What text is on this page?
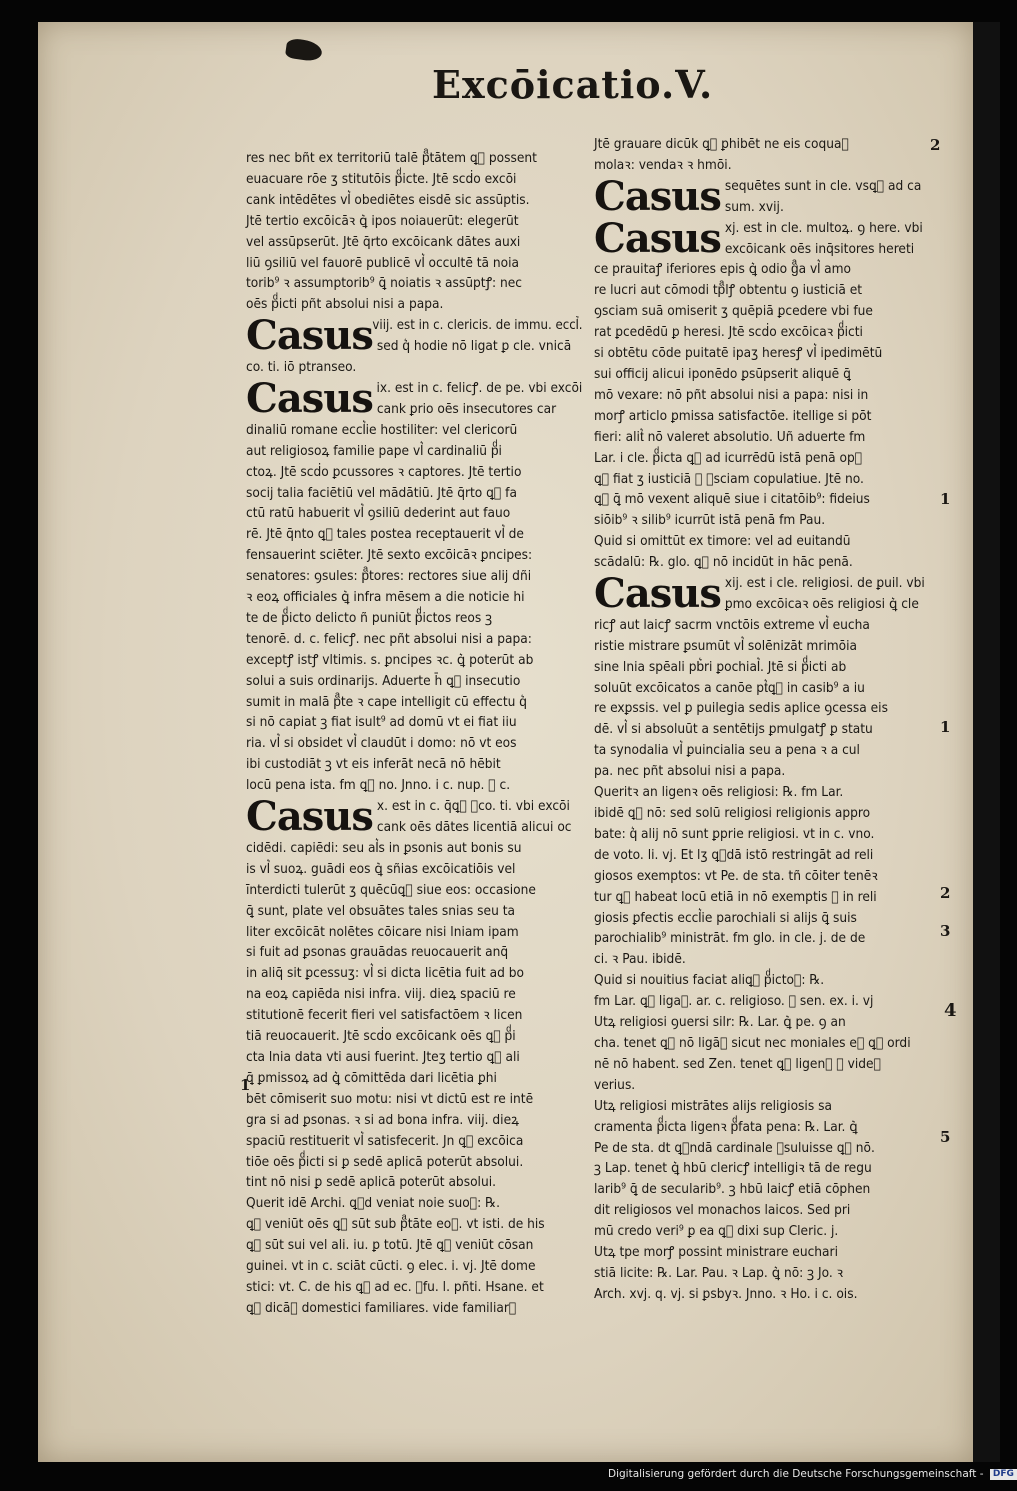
Excōicatio.V.
res nec bñt ex territoriū talē pͣtātem ꝗ͛ possent
euacuare rōe ʒ stitutōis pͩicte. Jtē scḋo excōi
cank intēdētes vl͛ obediētes eisdē sic assūptis.
Jtē tertio excōicāꝛ ꝗ͛ ipos noiauerūt: elegerūt
vel assūpserūt. Jtē q̄rto excōicank dātes auxi
liū ꝯsiliū vel fauorē publicē vl͛ occultē tā noia
torib⁹ ꝛ assumptorib⁹ ꝗ̄ noiatis ꝛ assūptꝭ: nec
oēs pͩicti pñt absolui nisi a papa.
Casus viij. est in c. clericis. de immu. eccl͛.
sed q͛ hodie nō ligat ꝑ cle. vnicā
co. ti. iō ptranseo.
Casus ix. est in c. felicꝭ. de pe. vbi excōi
cank ꝑrio oēs insecutores car
dinaliū romane eccl͛ie hostiliter: vel clericorū
aut religiosoꝝ familie pape vl͛ cardinaliū pͩi
ctoꝝ. Jtē scḋo ꝑcussores ꝛ captores. Jtē tertio
socij talia faciētiū vel mādātiū. Jtē q̄rto ꝗ͛ fa
ctū ratū habuerit vl͛ ꝯsiliū dederint aut fauo
rē. Jtē q̄nto ꝗ͛ tales postea receptauerit vl͛ de
fensauerint sciēter. Jtē sexto excōicāꝛ ꝑncipes:
senatores: ꝯsules: pͣtores: rectores siue alij dñi
ꝛ eoꝝ officiales ꝗ͛ infra mēsem a die noticie hi
te de pͩicto delicto ñ puniūt pͩictos reos ꝫ
tenorē. d. c. felicꝭ. nec pñt absolui nisi a papa:
exceptꝭ istꝭ vltimis. s. ꝑncipes ꝛc. ꝗ͛ poterūt ab
solui a suis ordinarijs. Aduerte h̄ ꝗ͛ insecutio
sumit in malā pͣte ꝛ cape intelligit cū effectu q͛
si nō capiat ꝫ fiat isult⁹ ad domū vt ei fiat iiu
ria. vl͛ si obsidet vl͛ claudūt i domo: nō vt eos
ibi custodiāt ꝫ vt eis inferāt necā nō hēbit
locū pena ista. fm ꝗ͛ no. Jnno. i c. nup. ꝛ c.
Casus x. est in c. q̄ꝗ͛ ꝯco. ti. vbi excōi
cank oēs dātes licentiā alicui oc
cidēdi. capiēdi: seu al͛s in ꝑsonis aut bonis su
is vl͛ suoꝝ. guādi eos ꝗ͛ sñias excōicatiōis vel
īnterdicti tulerūt ʒ quēcūꝗ͛ siue eos: occasione
ꝗ̄ sunt, plate vel obsuātes tales snias seu ta
liter excōicāt nolētes cōicare nisi lniam ipam
si fuit ad ꝑsonas grauādas reuocauerit anq̄
in aliq̄ sit ꝑcessuʒ: vl͛ si dicta licētia fuit ad bo
na eoꝝ capiēda nisi infra. viij. dieꝝ spaciū re
stitutionē fecerit fieri vel satisfactōem ꝛ licen
tiā reuocauerit. Jtē scḋo excōicank oēs ꝗ͛ pͩi
cta lnia data vti ausi fuerint. Jteʒ tertio ꝗ͛ ali
ꝗ̄ ꝑmissoꝝ ad ꝗ͛ cōmittēda dari licētia ꝑhi
bēt cōmiserit suo motu: nisi vt dictū est re intē
gra si ad ꝑsonas. ꝛ si ad bona infra. viij. dieꝝ
spaciū restituerit vl͛ satisfecerit. Jn ꝗ͛ excōica
tiōe oēs pͩicti si ꝑ sedē aplicā poterūt absolui.
tint nō nisi ꝑ sedē aplicā poterūt absolui.
Querit idē Archi. ꝗ͛d veniat noie suoꝝ: ℞.
ꝗ͛ veniūt oēs ꝗ͛ sūt sub pͣtāte eoꝝ. vt isti. de his
ꝗ͛ sūt sui vel ali. iu. ꝑ totū. Jtē ꝗ͛ veniūt cōsan
guinei. vt in c. sciāt cūcti. ꝯ elec. i. vj. Jtē dome
stici: vt. C. de his ꝗ͛ ad ec. ꝯfu. l. pñti. Hsane. et
ꝗ͛ dicāꝛ domestici familiares. vide familiarꝭ
Jtē grauare dicūk ꝗ͛ ꝑhibēt ne eis coquaꝛ
molaꝛ: vendaꝛ ꝛ hmōi.
Casus sequētes sunt in cle. vsꝗ͛ ad ca
sum. xvij.
Casus xj. est in cle. multoꝝ. ꝯ here. vbi
excōicank oēs inq̄sitores hereti
ce prauitaꝭ iferiores epis ꝗ͛ odio gͣa vl͛ amo
re lucri aut cōmodi tpͣlꝭ obtentu ꝯ iusticiā et
ꝯsciam suā omiserit ʒ quēpiā ꝑcedere vbi fue
rat ꝑcedēdū ꝑ heresi. Jtē scḋo excōicaꝛ pͩicti
si obtētu cōde puitatē ipaʒ heresꝭ vl͛ ipedimētū
sui officij alicui iponēdo ꝑsūpserit aliquē ꝗ̄
mō vexare: nō pñt absolui nisi a papa: nisi in
morꝭ articlo ꝑmissa satisfactōe. itellige si pōt
fieri: alit͛ nō valeret absolutio. Uñ aduerte fm
Lar. i cle. pͩicta ꝗ͛ ad icurrēdū istā penā opꝫ
ꝗ͛ fiat ʒ iusticiā ꝛ ꝯsciam copulatiue. Jtē no.
ꝗ͛ ꝗ̄ mō vexent aliquē siue i citatōib⁹: fideius
siōib⁹ ꝛ silib⁹ icurrūt istā penā fm Pau.
Quid si omittūt ex timore: vel ad euitandū
scādalū: ℞. glo. ꝗ͛ nō incidūt in hāc penā.
Casus xij. est i cle. religiosi. de ꝑuil. vbi
ꝑmo excōicaꝛ oēs religiosi ꝗ͛ cle
ricꝭ aut laicꝭ sacrm vnctōis extreme vl͛ eucha
ristie mistrare ꝑsumūt vl͛ solēnizāt mrimōia
sine lnia spēali pb͛ri ꝑochial͛. Jtē si pͩicti ab
soluūt excōicatos a canōe pt͛ꝗ͛ in casib⁹ a iu
re exꝑssis. vel ꝑ puilegia sedis aplice ꝯcessa eis
dē. vl͛ si absoluūt a sentētijs ꝑmulgatꝭ ꝑ statu
ta synodalia vl͛ ꝑuincialia seu a pena ꝛ a cul
pa. nec pñt absolui nisi a papa.
Queritꝛ an ligenꝛ oēs religiosi: ℞. fm Lar.
ibidē ꝗ͛ nō: sed solū religiosi religionis appro
bate: q͛ alij nō sunt ꝑprie religiosi. vt in c. vno.
de voto. li. vj. Et lʒ ꝗ͛dā istō restringāt ad reli
giosos exemptos: vt Pe. de sta. tñ cōiter tenēꝛ
tur ꝗ͛ habeat locū etiā in nō exemptis ꝛ in reli
giosis ꝑfectis eccl͛ie parochiali si alijs ꝗ̄ suis
parochialib⁹ ministrāt. fm glo. in cle. j. de de
ci. ꝛ Pau. ibidē.
Quid si nouitius faciat aliꝗ͛ pͩictoꝝ: ℞.
fm Lar. ꝗ͛ ligaꝛ. ar. c. religioso. ꝯ sen. ex. i. vj
Utꝝ religiosi ꝯuersi silr: ℞. Lar. ꝗ͛ pe. ꝯ an
cha. tenet ꝗ͛ nō ligāꝛ sicut nec moniales eꝝ ꝗ͛ ordi
nē nō habent. sed Zen. tenet ꝗ͛ ligenꝛ ꝛ videꝛ
verius.
Utꝝ religiosi mistrātes alijs religiosis sa
cramenta pͩicta ligenꝛ pͩfata pena: ℞. Lar. ꝗ͛
Pe de sta. dt ꝗ͛ndā cardinale ꝯsuluisse ꝗ͛ nō.
ꝫ Lap. tenet ꝗ͛ hbū clericꝭ intelligiꝛ tā de regu
larib⁹ ꝗ̄ de secularib⁹. ꝫ hbū laicꝭ etiā cōphen
dit religiosos vel monachos laicos. Sed pri
mū credo veri⁹ ꝑ ea ꝗ͛ dixi sup Cleric. j.
Utꝝ tpe morꝭ possint ministrare euchari
stiā licite: ℞. Lar. Pau. ꝛ Lap. ꝗ͛ nō: ꝫ Jo. ꝛ
Arch. xvj. q. vj. si ꝑsbyꝛ. Jnno. ꝛ Ho. i c. ois.
2
1
1
2
3
4
5
1
Digitalisierung gefördert durch die Deutsche Forschungsgemeinschaft - DFG
